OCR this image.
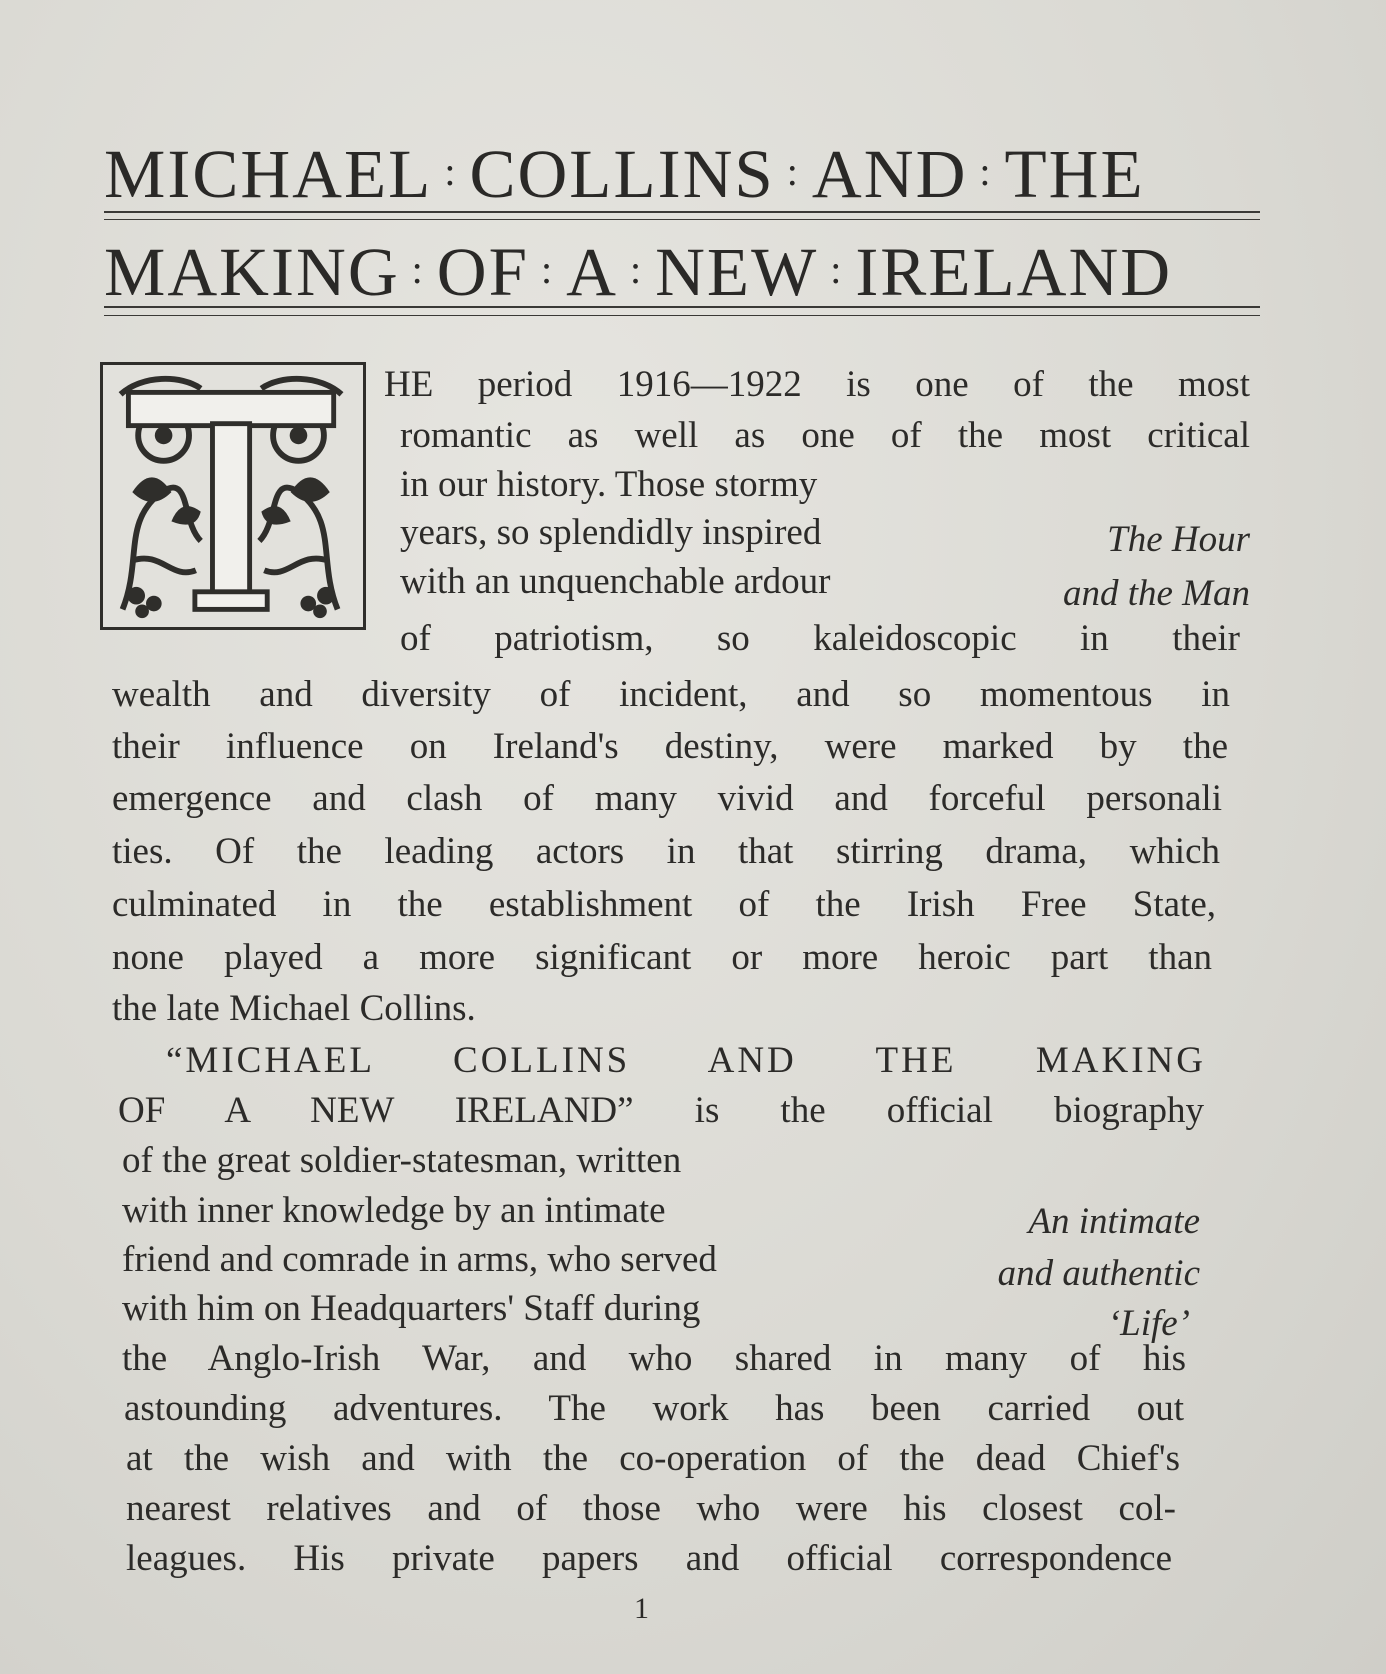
MICHAEL : COLLINS : AND : THE
MAKING : OF : A : NEW : IRELAND
HE period 1916—1922 is one of the most
romantic as well as one of the most critical
in our history. Those stormy
years, so splendidly inspired
with an unquenchable ardour
The Hour
and the Man
of patriotism, so kaleidoscopic in their
wealth and diversity of incident, and so momentous in
their influence on Ireland's destiny, were marked by the
emergence and clash of many vivid and forceful personali
ties. Of the leading actors in that stirring drama, which
culminated in the establishment of the Irish Free State,
none played a more significant or more heroic part than
the late Michael Collins.
“MICHAEL COLLINS AND THE MAKING
OF A NEW IRELAND” is the official biography
of the great soldier-statesman, written
with inner knowledge by an intimate
friend and comrade in arms, who served
with him on Headquarters' Staff during
An intimate
and authentic
‘Life’
the Anglo-Irish War, and who shared in many of his
astounding adventures. The work has been carried out
at the wish and with the co-operation of the dead Chief's
nearest relatives and of those who were his closest col-
leagues. His private papers and official correspondence
1
